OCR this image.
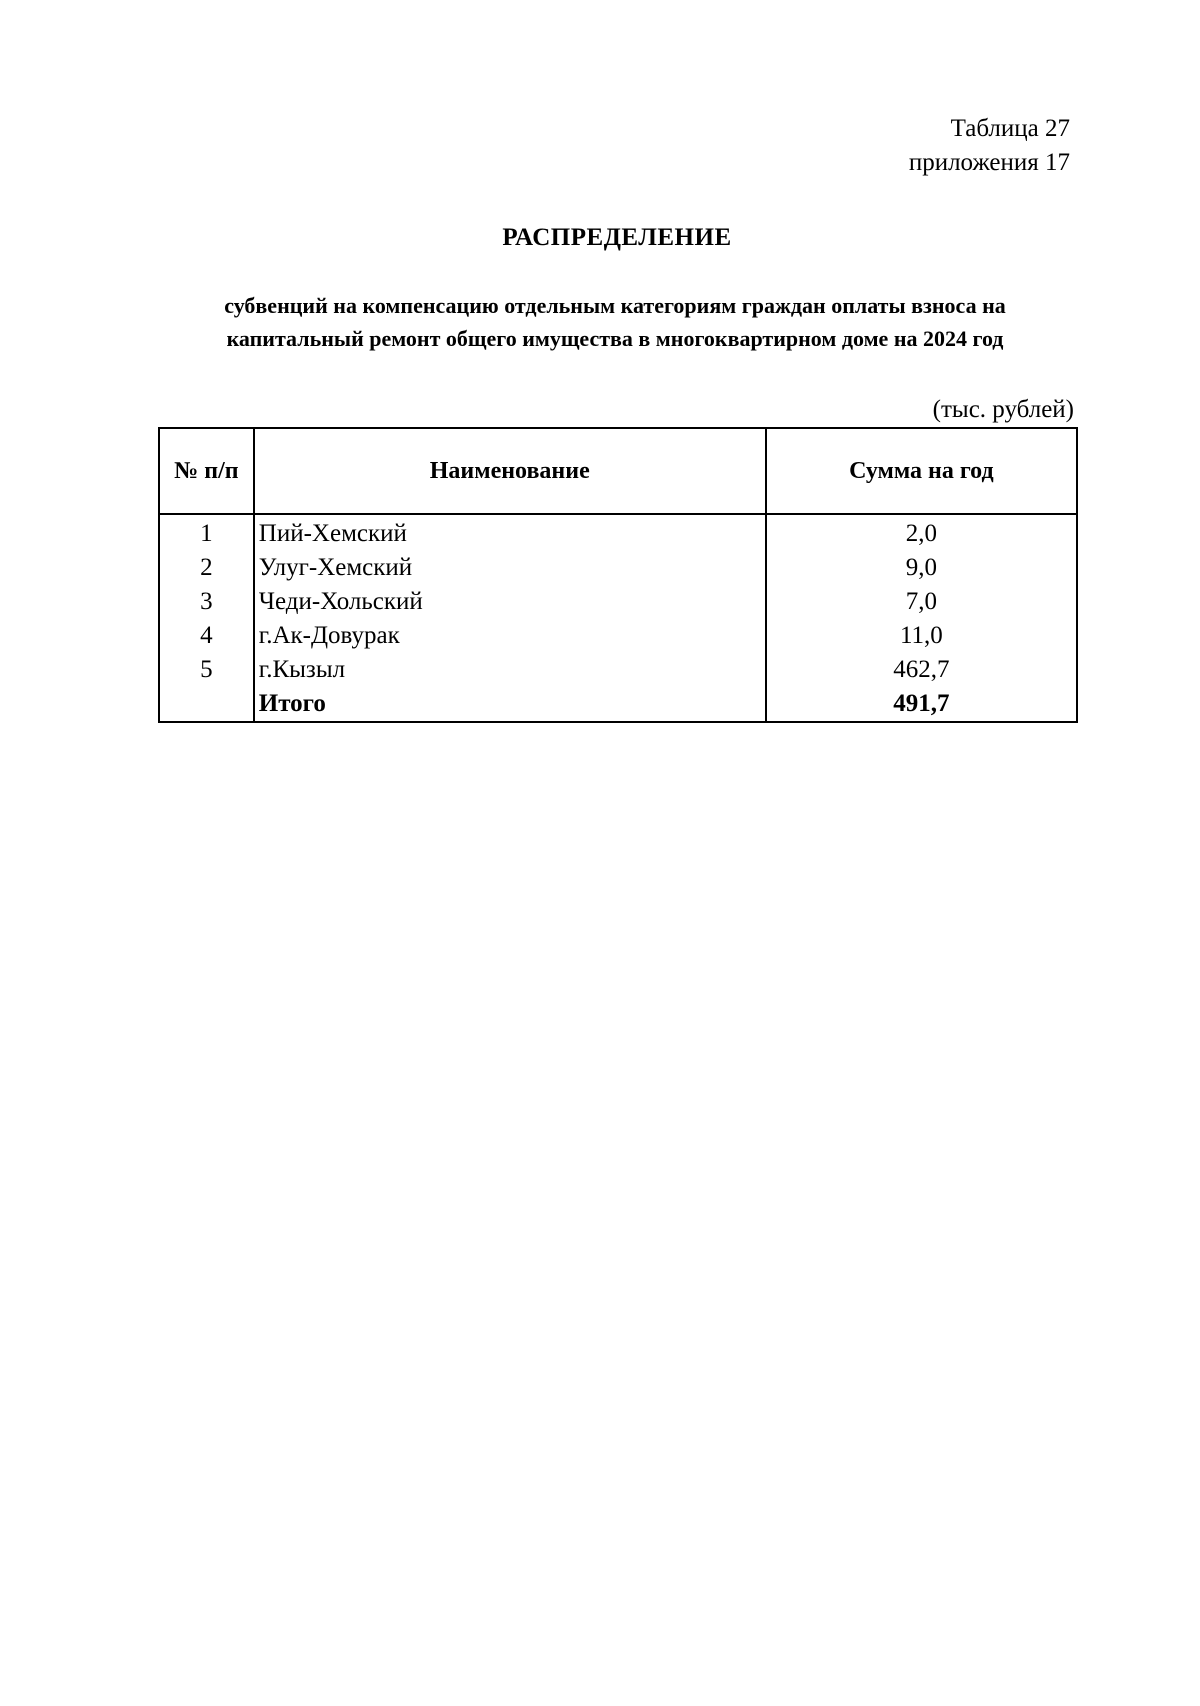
Таблица 27
приложения 17
РАСПРЕДЕЛЕНИЕ
субвенций на компенсацию отдельным категориям граждан оплаты взноса на
капитальный ремонт общего имущества в многоквартирном доме на 2024 год
(тыс. рублей)
№ п/п	Наименование	Сумма на год
1	Пий-Хемский	2,0
2	Улуг-Хемский	9,0
3	Чеди-Хольский	7,0
4	г.Ак-Довурак	11,0
5	г.Кызыл	462,7
	Итого	491,7
